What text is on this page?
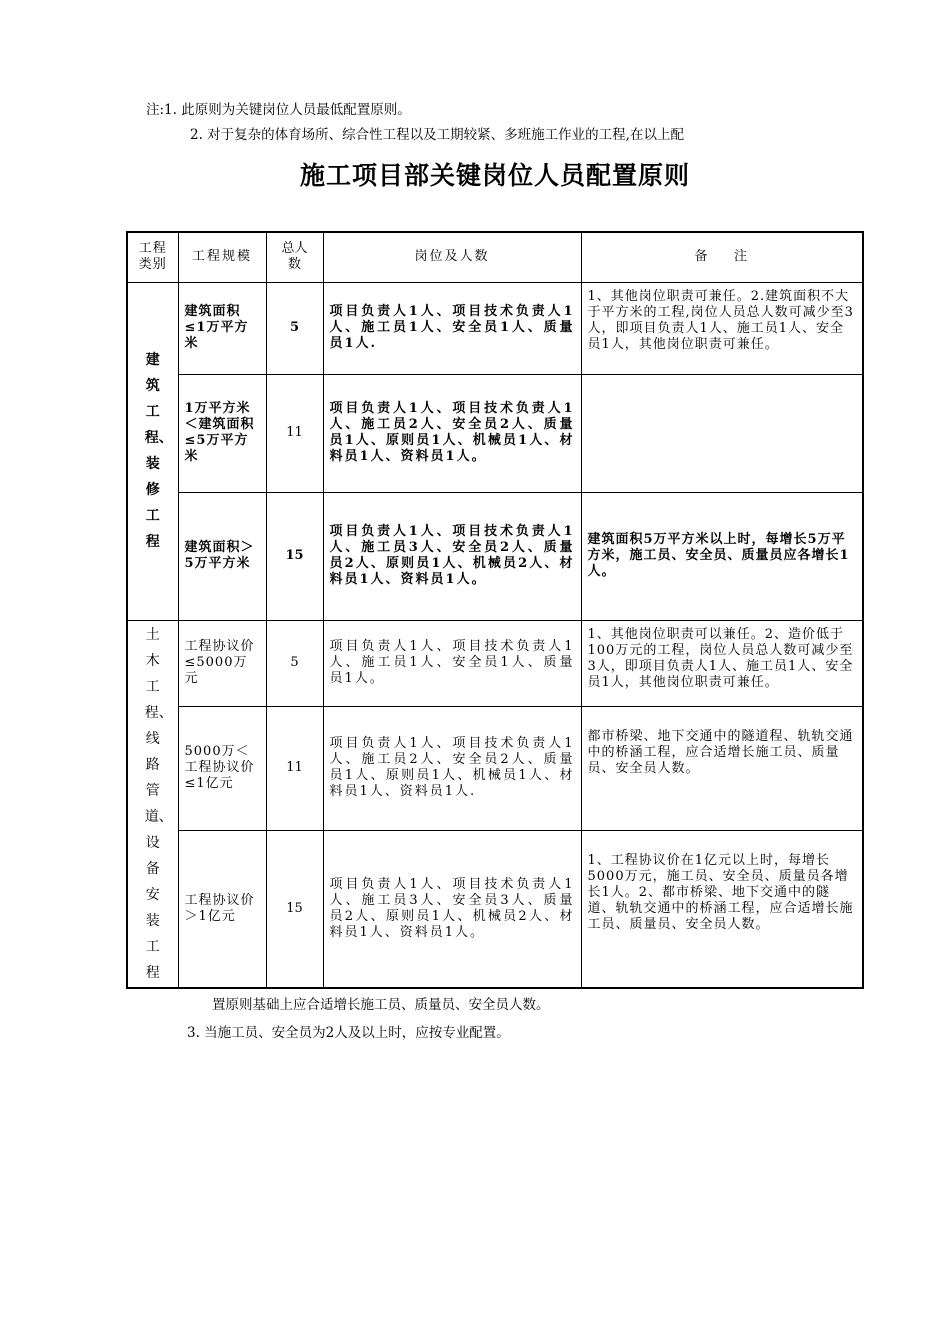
注:1. 此原则为关键岗位人员最低配置原则。
2. 对于复杂的体育场所、综合性工程以及工期较紧、多班施工作业的工程,在以上配
施工项目部关键岗位人员配置原则
工程类别	工程规模	总人数	岗位及人数	备    注
建筑工程、装修工程	建筑面积≤1万平方米	5	项目负责人1人、项目技术负责人1人、施工员1人、安全员1人、质量员1人.	1、其他岗位职责可兼任。2.建筑面积不大于平方米的工程,岗位人员总人数可减少至3人，即项目负责人1人、施工员1人、安全员1人，其他岗位职责可兼任。
	1万平方米＜建筑面积≤5万平方米	11	项目负责人1人、项目技术负责人1人、施工员2人、安全员2人、质量员1人、原则员1人、机械员1人、材料员1人、资料员1人。	
	建筑面积＞5万平方米	15	项目负责人1人、项目技术负责人1人、施工员3人、安全员2人、质量员2人、原则员1人、机械员2人、材料员1人、资料员1人。	建筑面积5万平方米以上时，每增长5万平方米，施工员、安全员、质量员应各增长1人。
土木工程、线路管道、设备安装工程	工程协议价≤5000万元	5	项目负责人1人、项目技术负责人1人、施工员1人、安全员1人、质量员1人。	1、其他岗位职责可以兼任。2、造价低于100万元的工程，岗位人员总人数可减少至3人，即项目负责人1人、施工员1人、安全员1人，其他岗位职责可兼任。
	5000万＜工程协议价≤1亿元	11	项目负责人1人、项目技术负责人1人、施工员2人、安全员2人、质量员1人、原则员1人、机械员1人、材料员1人、资料员1人.	都市桥梁、地下交通中的隧道程、轨轨交通中的桥涵工程，应合适增长施工员、质量员、安全员人数。
	工程协议价＞1亿元	15	项目负责人1人、项目技术负责人1人、施工员3人、安全员3人、质量员2人、原则员1人、机械员2人、材料员1人、资料员1人。	1、工程协议价在1亿元以上时，每增长5000万元，施工员、安全员、质量员各增长1人。2、都市桥梁、地下交通中的隧道、轨轨交通中的桥涵工程，应合适增长施工员、质量员、安全员人数。
置原则基础上应合适增长施工员、质量员、安全员人数。
3. 当施工员、安全员为2人及以上时，应按专业配置。
